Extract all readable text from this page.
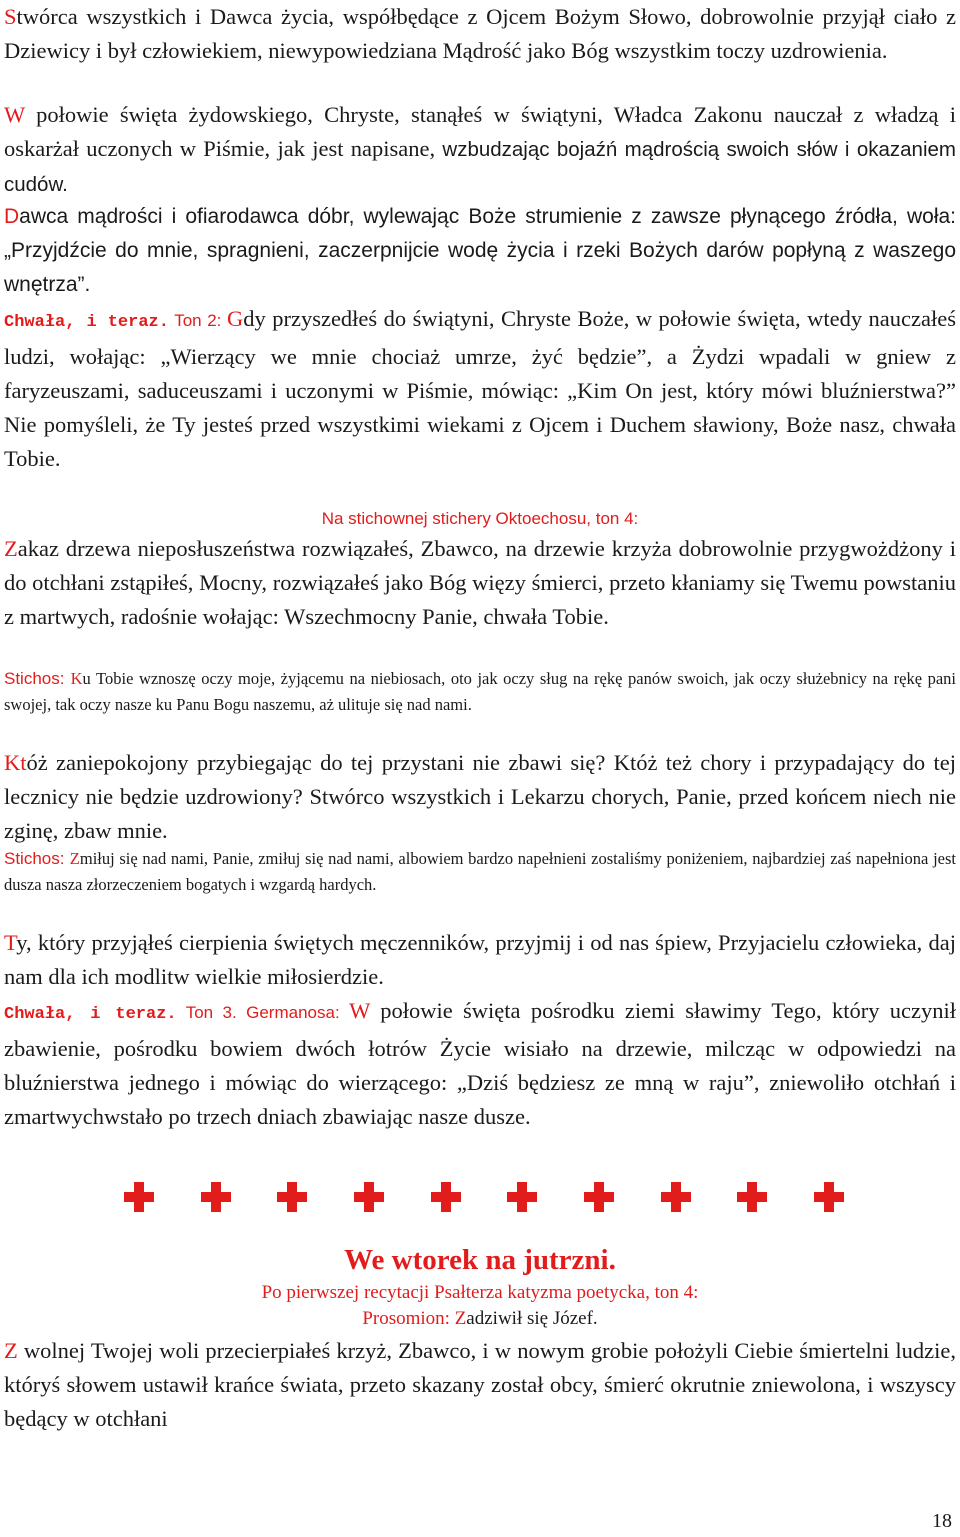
Stwórca wszystkich i Dawca życia, współbędące z Ojcem Bożym Słowo, dobrowolnie przyjął ciało z Dziewicy i był człowiekiem, niewypowiedziana Mądrość jako Bóg wszystkim toczy uzdrowienia.

W połowie święta żydowskiego, Chryste, stanąłeś w świątyni, Władca Zakonu nauczał z władzą i oskarżał uczonych w Piśmie, jak jest napisane, wzbudzając bojaźń mądrością swoich słów i okazaniem cudów.

Dawca mądrości i ofiarodawca dóbr, wylewając Boże strumienie z zawsze płynącego źródła, woła: „Przyjdźcie do mnie, spragnieni, zaczerpnijcie wodę życia i rzeki Bożych darów popłyną z waszego wnętrza”.

Chwała, i teraz. Ton 2: Gdy przyszedłeś do świątyni, Chryste Boże, w połowie święta, wtedy nauczałeś ludzi, wołając: „Wierzący we mnie chociaż umrze, żyć będzie”, a Żydzi wpadali w gniew z faryzeuszami, saduceuszami i uczonymi w Piśmie, mówiąc: „Kim On jest, który mówi bluźnierstwa?” Nie pomyśleli, że Ty jesteś przed wszystkimi wiekami z Ojcem i Duchem sławiony, Boże nasz, chwała Tobie.

Na stichownej stichery Oktoechosu, ton 4:

Zakaz drzewa nieposłuszeństwa rozwiązałeś, Zbawco, na drzewie krzyża dobrowolnie przygwożdżony i do otchłani zstąpiłeś, Mocny, rozwiązałeś jako Bóg więzy śmierci, przeto kłaniamy się Twemu powstaniu z martwych, radośnie wołając: Wszechmocny Panie, chwała Tobie.

Stichos: Ku Tobie wznoszę oczy moje, żyjącemu na niebiosach, oto jak oczy sług na rękę panów swoich, jak oczy służebnicy na rękę pani swojej, tak oczy nasze ku Panu Bogu naszemu, aż ulituje się nad nami.

Któż zaniepokojony przybiegając do tej przystani nie zbawi się? Któż też chory i przypadający do tej lecznicy nie będzie uzdrowiony? Stwórco wszystkich i Lekarzu chorych, Panie, przed końcem niech nie zginę, zbaw mnie.

Stichos: Zmiłuj się nad nami, Panie, zmiłuj się nad nami, albowiem bardzo napełnieni zostaliśmy poniżeniem, najbardziej zaś napełniona jest dusza nasza złorzeczeniem bogatych i wzgardą hardych.

Ty, który przyjąłeś cierpienia świętych męczenników, przyjmij i od nas śpiew, Przyjacielu człowieka, daj nam dla ich modlitw wielkie miłosierdzie.

Chwała, i teraz. Ton 3. Germanosa: W połowie święta pośrodku ziemi sławimy Tego, który uczynił zbawienie, pośrodku bowiem dwóch łotrów Życie wisiało na drzewie, milcząc w odpowiedzi na bluźnierstwa jednego i mówiąc do wierzącego: „Dziś będziesz ze mną w raju”, zniewoliło otchłań i zmartwychwstało po trzech dniach zbawiając nasze dusze.

We wtorek na jutrzni.

Po pierwszej recytacji Psałterza katyzma poetycka, ton 4:

Prosomion: Zadziwił się Józef.

Z wolnej Twojej woli przecierpiałeś krzyż, Zbawco, i w nowym grobie położyli Ciebie śmiertelni ludzie, któryś słowem ustawił krańce świata, przeto skazany został obcy, śmierć okrutnie zniewolona, i wszyscy będący w otchłani

18
